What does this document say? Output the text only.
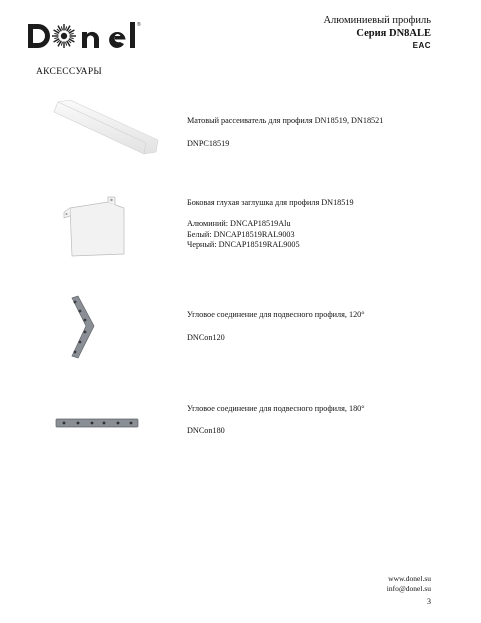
®	Алюминиевый профиль
Серия DN8ALE
EAC
АКСЕССУАРЫ
Матовый рассеиватель для профиля DN18519, DN18521
DNPC18519
Боковая глухая заглушка для профиля DN18519
Алюминий: DNCAP18519Alu
Белый: DNCAP18519RAL9003
Черный: DNCAP18519RAL9005
Угловое соединение для подвесного профиля, 120°
DNCon120
Угловое соединение для подвесного профиля, 180°
DNCon180
www.donel.su
info@donel.su
3
